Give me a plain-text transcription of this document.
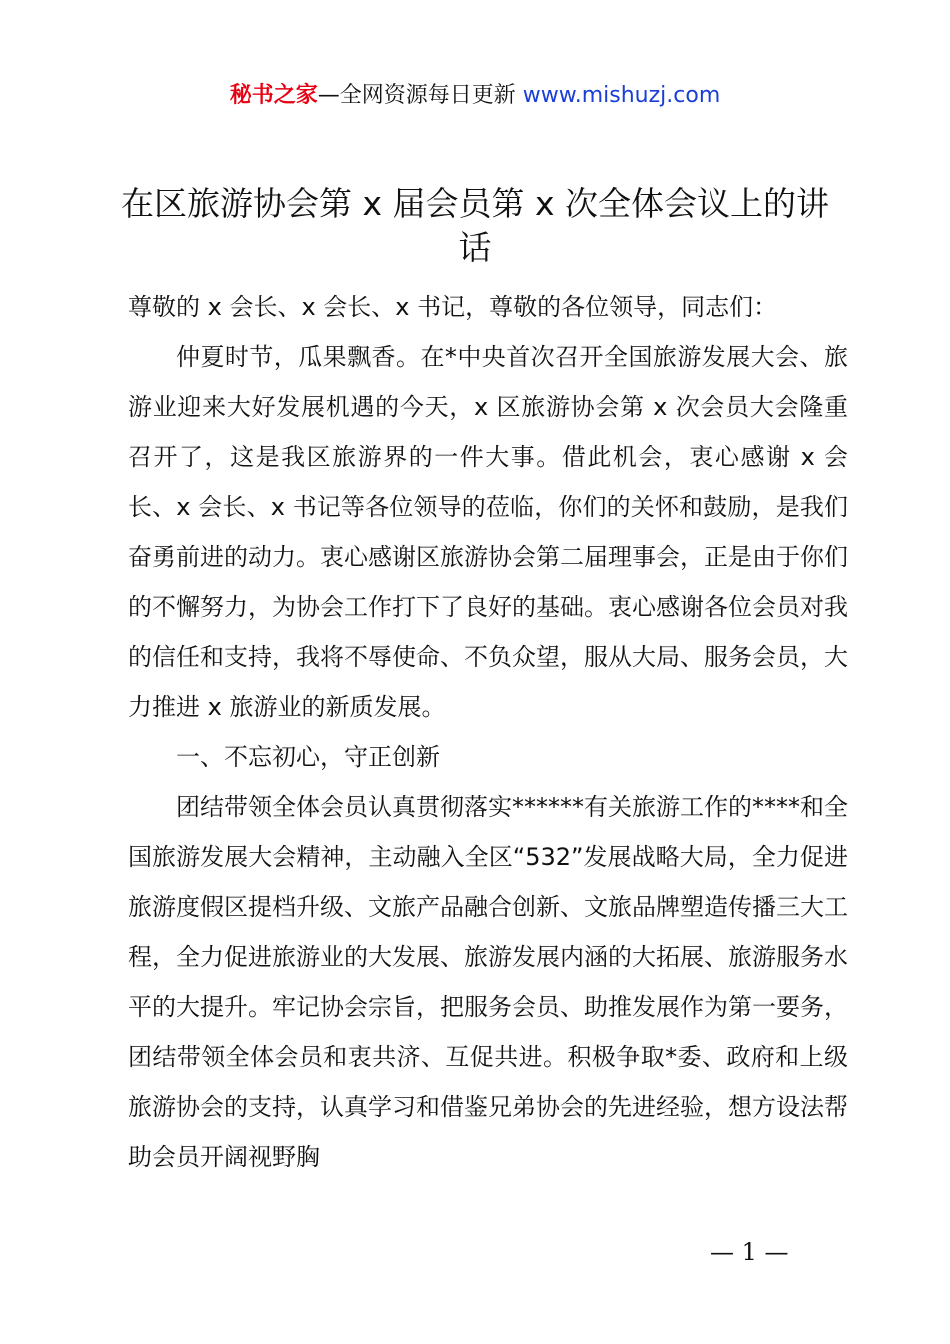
秘书之家—全网资源每日更新 www.mishuzj.com
在区旅游协会第 x 届会员第 x 次全体会议上的讲话

尊敬的 x 会长、x 会长、x 书记，尊敬的各位领导，同志们：

仲夏时节，瓜果飘香。在*中央首次召开全国旅游发展大会、旅游业迎来大好发展机遇的今天，x 区旅游协会第 x 次会员大会隆重召开了，这是我区旅游界的一件大事。借此机会，衷心感谢 x 会长、x 会长、x 书记等各位领导的莅临，你们的关怀和鼓励，是我们奋勇前进的动力。衷心感谢区旅游协会第二届理事会，正是由于你们的不懈努力，为协会工作打下了良好的基础。衷心感谢各位会员对我的信任和支持，我将不辱使命、不负众望，服从大局、服务会员，大力推进 x 旅游业的新质发展。

一、不忘初心，守正创新

团结带领全体会员认真贯彻落实******有关旅游工作的****和全国旅游发展大会精神，主动融入全区“532”发展战略大局，全力促进旅游度假区提档升级、文旅产品融合创新、文旅品牌塑造传播三大工程，全力促进旅游业的大发展、旅游发展内涵的大拓展、旅游服务水平的大提升。牢记协会宗旨，把服务会员、助推发展作为第一要务，团结带领全体会员和衷共济、互促共进。积极争取*委、政府和上级旅游协会的支持，认真学习和借鉴兄弟协会的先进经验，想方设法帮助会员开阔视野胸

— 1 —
